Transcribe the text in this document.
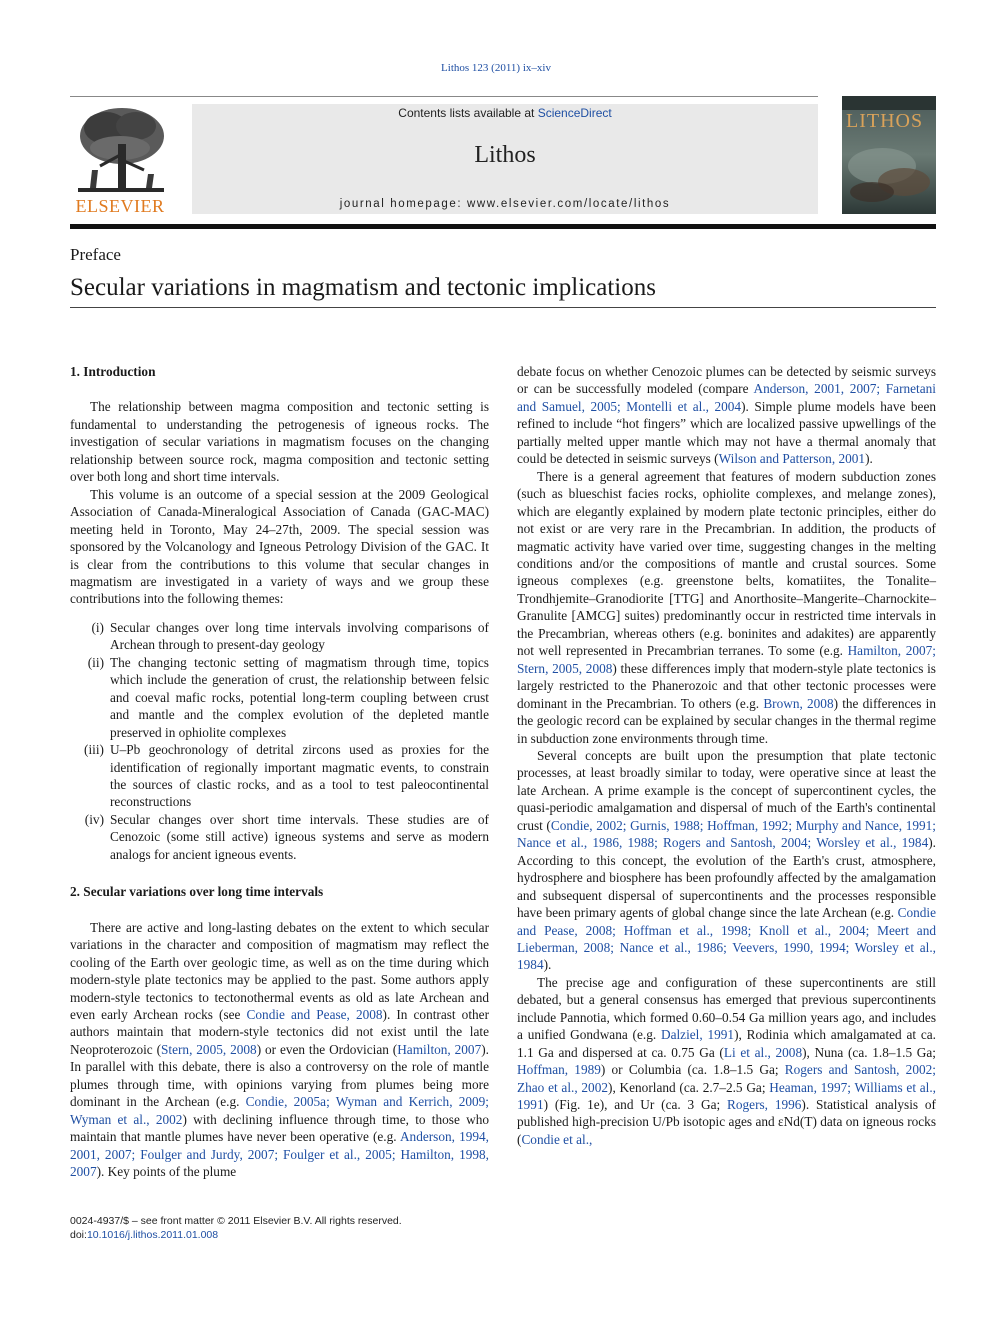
Lithos 123 (2011) ix–xiv
ELSEVIER
Contents lists available at ScienceDirect
Lithos
journal homepage: www.elsevier.com/locate/lithos
LITHOS
Preface
Secular variations in magmatism and tectonic implications

1. Introduction

The relationship between magma composition and tectonic setting is fundamental to understanding the petrogenesis of igneous rocks. The investigation of secular variations in magmatism focuses on the changing relationship between source rock, magma composition and tectonic setting over both long and short time intervals.

This volume is an outcome of a special session at the 2009 Geological Association of Canada-Mineralogical Association of Canada (GAC-MAC) meeting held in Toronto, May 24–27th, 2009. The special session was sponsored by the Volcanology and Igneous Petrology Division of the GAC. It is clear from the contributions to this volume that secular changes in magmatism are investigated in a variety of ways and we group these contributions into the following themes:

(i) Secular changes over long time intervals involving comparisons of Archean through to present-day geology
(ii) The changing tectonic setting of magmatism through time, topics which include the generation of crust, the relationship between felsic and coeval mafic rocks, potential long-term coupling between crust and mantle and the complex evolution of the depleted mantle preserved in ophiolite complexes
(iii) U–Pb geochronology of detrital zircons used as proxies for the identification of regionally important magmatic events, to constrain the sources of clastic rocks, and as a tool to test paleocontinental reconstructions
(iv) Secular changes over short time intervals. These studies are of Cenozoic (some still active) igneous systems and serve as modern analogs for ancient igneous events.

2. Secular variations over long time intervals

There are active and long-lasting debates on the extent to which secular variations in the character and composition of magmatism may reflect the cooling of the Earth over geologic time, as well as on the time during which modern-style plate tectonics may be applied to the past. Some authors apply modern-style tectonics to tectonothermal events as old as late Archean and even early Archean rocks (see Condie and Pease, 2008). In contrast other authors maintain that modern-style tectonics did not exist until the late Neoproterozoic (Stern, 2005, 2008) or even the Ordovician (Hamilton, 2007). In parallel with this debate, there is also a controversy on the role of mantle plumes through time, with opinions varying from plumes being more dominant in the Archean (e.g. Condie, 2005a; Wyman and Kerrich, 2009; Wyman et al., 2002) with declining influence through time, to those who maintain that mantle plumes have never been operative (e.g. Anderson, 1994, 2001, 2007; Foulger and Jurdy, 2007; Foulger et al., 2005; Hamilton, 1998, 2007). Key points of the plume

debate focus on whether Cenozoic plumes can be detected by seismic surveys or can be successfully modeled (compare Anderson, 2001, 2007; Farnetani and Samuel, 2005; Montelli et al., 2004). Simple plume models have been refined to include “hot fingers” which are localized passive upwellings of the partially melted upper mantle which may not have a thermal anomaly that could be detected in seismic surveys (Wilson and Patterson, 2001).

There is a general agreement that features of modern subduction zones (such as blueschist facies rocks, ophiolite complexes, and melange zones), which are elegantly explained by modern plate tectonic principles, either do not exist or are very rare in the Precambrian. In addition, the products of magmatic activity have varied over time, suggesting changes in the melting conditions and/or the compositions of mantle and crustal sources. Some igneous complexes (e.g. greenstone belts, komatiites, the Tonalite–Trondhjemite–Granodiorite [TTG] and Anorthosite–Mangerite–Charnockite–Granulite [AMCG] suites) predominantly occur in restricted time intervals in the Precambrian, whereas others (e.g. boninites and adakites) are apparently not well represented in Precambrian terranes. To some (e.g. Hamilton, 2007; Stern, 2005, 2008) these differences imply that modern-style plate tectonics is largely restricted to the Phanerozoic and that other tectonic processes were dominant in the Precambrian. To others (e.g. Brown, 2008) the differences in the geologic record can be explained by secular changes in the thermal regime in subduction zone environments through time.

Several concepts are built upon the presumption that plate tectonic processes, at least broadly similar to today, were operative since at least the late Archean. A prime example is the concept of supercontinent cycles, the quasi-periodic amalgamation and dispersal of much of the Earth's continental crust (Condie, 2002; Gurnis, 1988; Hoffman, 1992; Murphy and Nance, 1991; Nance et al., 1986, 1988; Rogers and Santosh, 2004; Worsley et al., 1984). According to this concept, the evolution of the Earth's crust, atmosphere, hydrosphere and biosphere has been profoundly affected by the amalgamation and subsequent dispersal of supercontinents and the processes responsible have been primary agents of global change since the late Archean (e.g. Condie and Pease, 2008; Hoffman et al., 1998; Knoll et al., 2004; Meert and Lieberman, 2008; Nance et al., 1986; Veevers, 1990, 1994; Worsley et al., 1984).

The precise age and configuration of these supercontinents are still debated, but a general consensus has emerged that previous supercontinents include Pannotia, which formed 0.60–0.54 Ga million years ago, and includes a unified Gondwana (e.g. Dalziel, 1991), Rodinia which amalgamated at ca. 1.1 Ga and dispersed at ca. 0.75 Ga (Li et al., 2008), Nuna (ca. 1.8–1.5 Ga; Hoffman, 1989) or Columbia (ca. 1.8–1.5 Ga; Rogers and Santosh, 2002; Zhao et al., 2002), Kenorland (ca. 2.7–2.5 Ga; Heaman, 1997; Williams et al., 1991) (Fig. 1e), and Ur (ca. 3 Ga; Rogers, 1996). Statistical analysis of published high-precision U/Pb isotopic ages and εNd(T) data on igneous rocks (Condie et al.,

0024-4937/$ – see front matter © 2011 Elsevier B.V. All rights reserved.
doi:10.1016/j.lithos.2011.01.008
